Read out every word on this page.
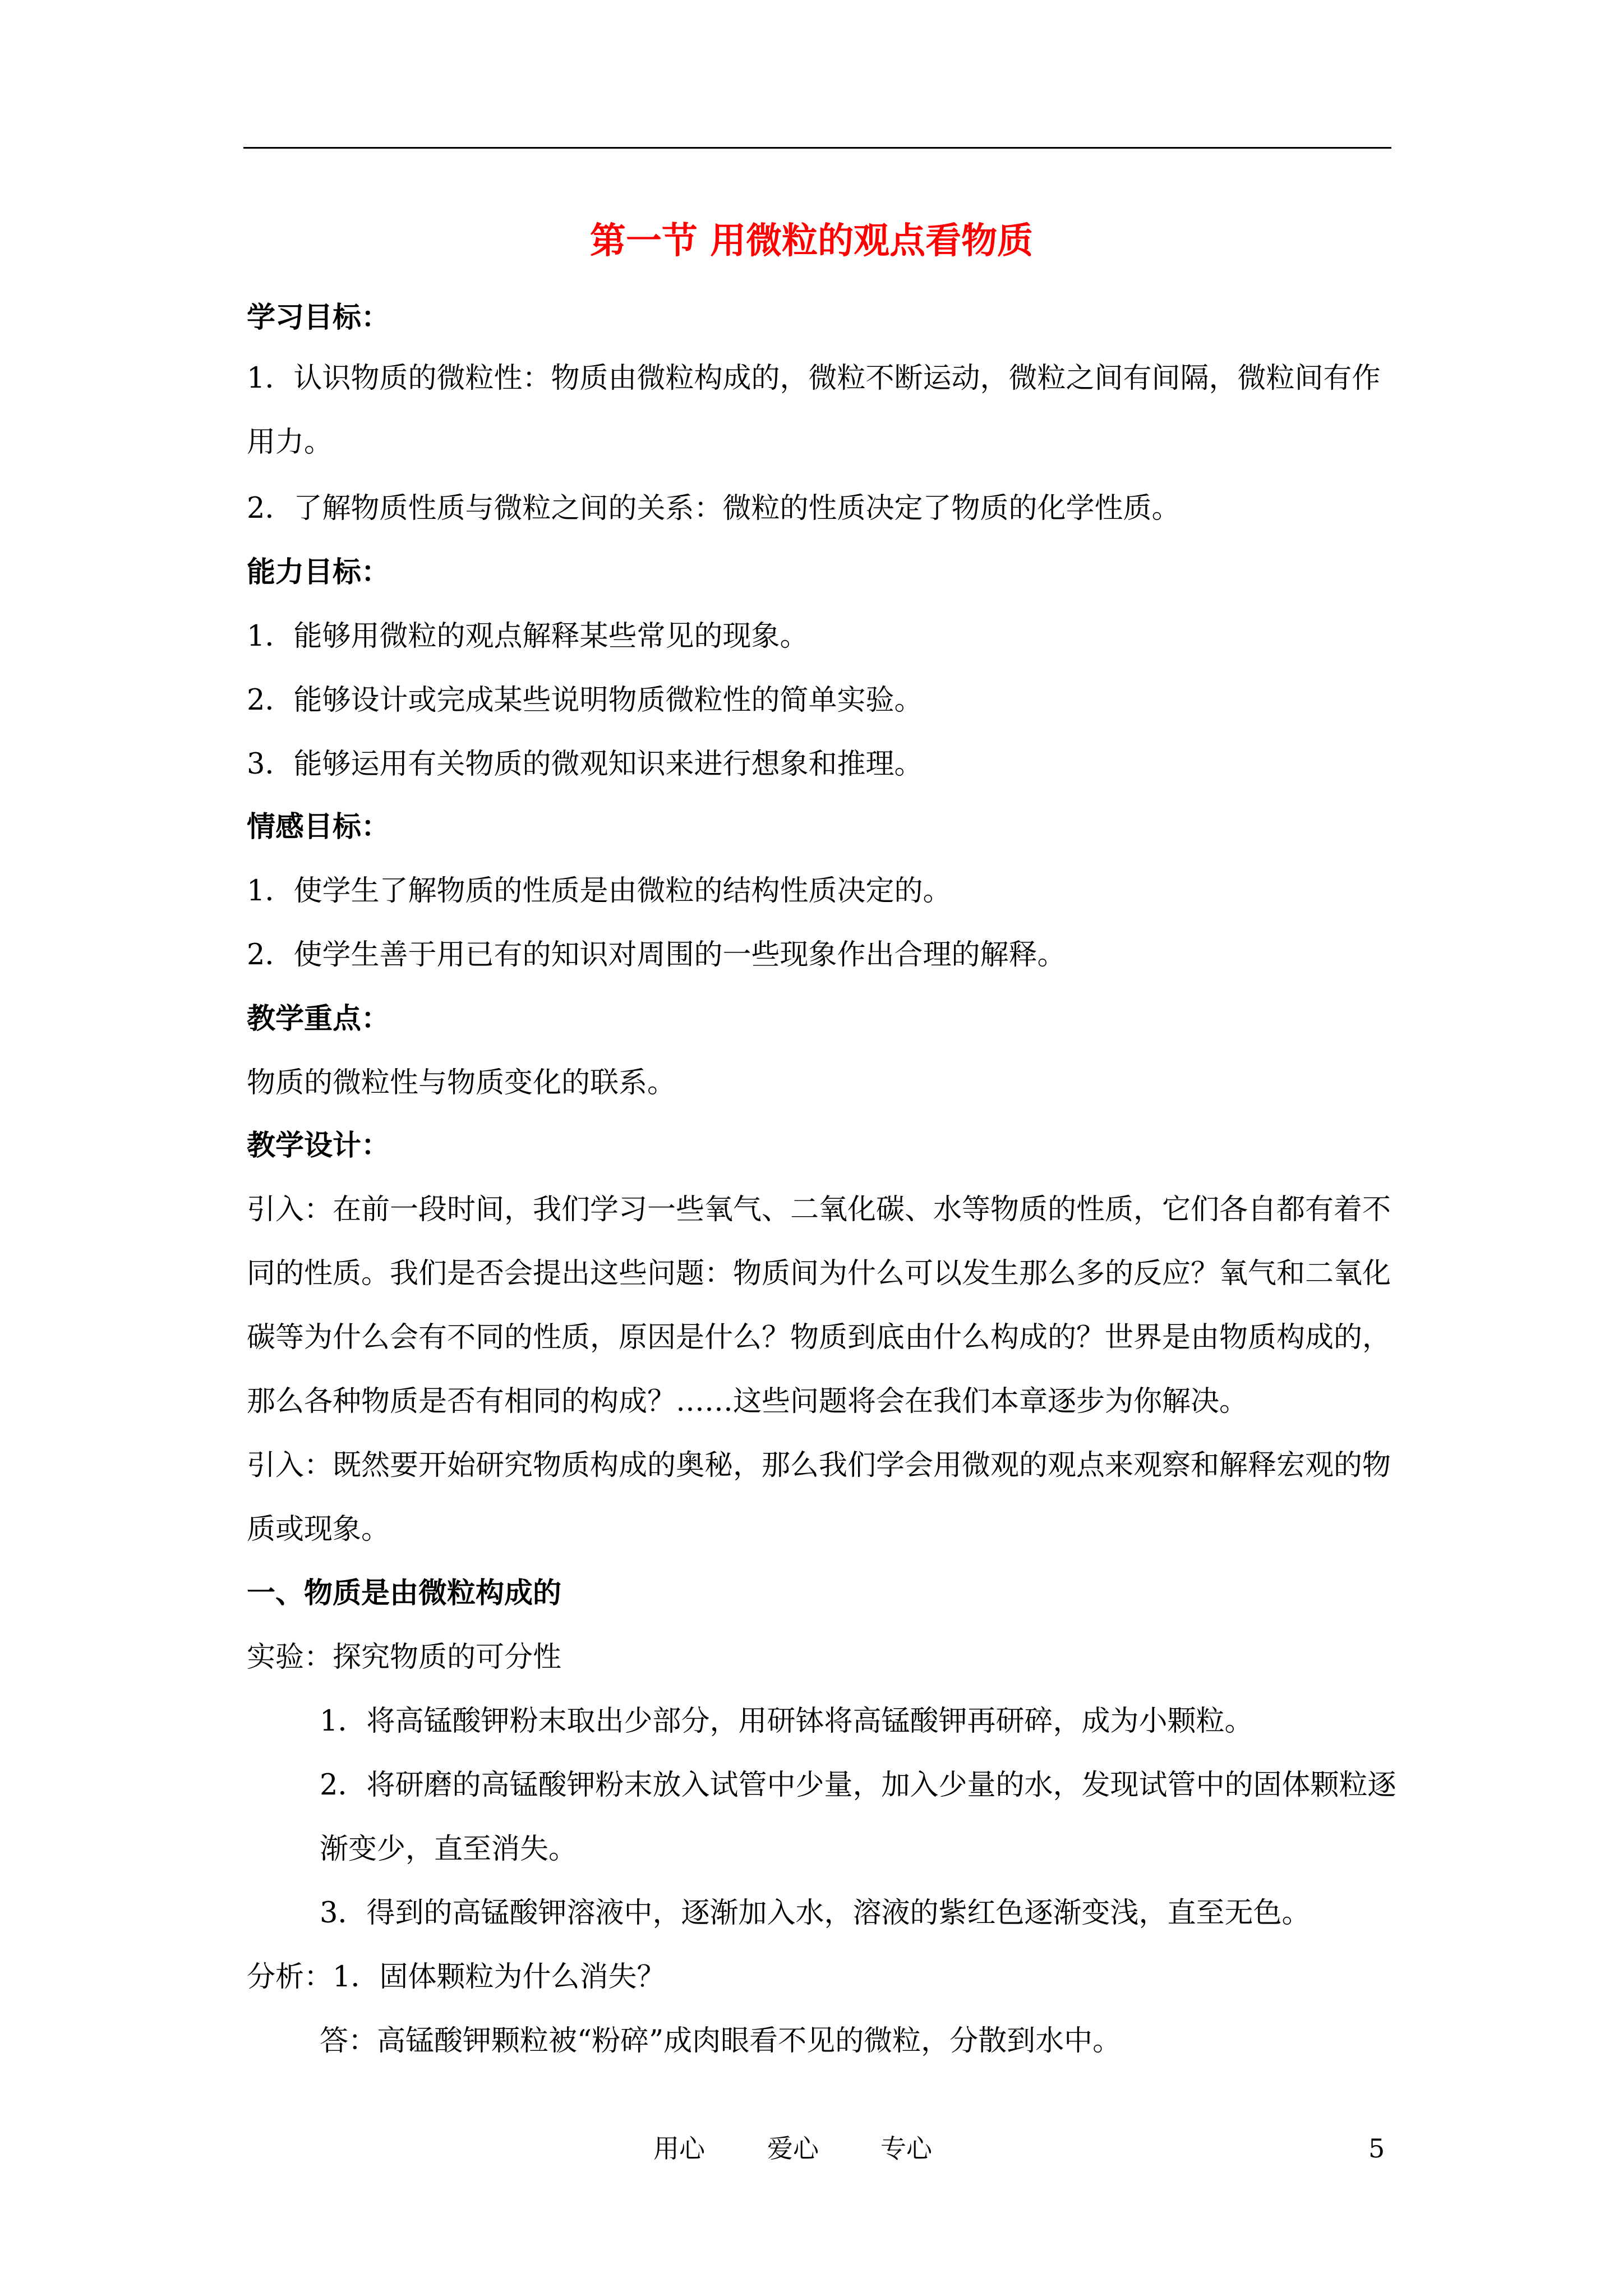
第一节 用微粒的观点看物质
学习目标：
1．认识物质的微粒性：物质由微粒构成的，微粒不断运动，微粒之间有间隔，微粒间有作
用力。
2．了解物质性质与微粒之间的关系：微粒的性质决定了物质的化学性质。
能力目标：
1．能够用微粒的观点解释某些常见的现象。
2．能够设计或完成某些说明物质微粒性的简单实验。
3．能够运用有关物质的微观知识来进行想象和推理。
情感目标：
1．使学生了解物质的性质是由微粒的结构性质决定的。
2．使学生善于用已有的知识对周围的一些现象作出合理的解释。
教学重点：
物质的微粒性与物质变化的联系。
教学设计：
引入：在前一段时间，我们学习一些氧气、二氧化碳、水等物质的性质，它们各自都有着不
同的性质。我们是否会提出这些问题：物质间为什么可以发生那么多的反应？氧气和二氧化
碳等为什么会有不同的性质，原因是什么？物质到底由什么构成的？世界是由物质构成的，
那么各种物质是否有相同的构成？……这些问题将会在我们本章逐步为你解决。
引入：既然要开始研究物质构成的奥秘，那么我们学会用微观的观点来观察和解释宏观的物
质或现象。
一、物质是由微粒构成的
实验：探究物质的可分性
1．将高锰酸钾粉末取出少部分，用研钵将高锰酸钾再研碎，成为小颗粒。
2．将研磨的高锰酸钾粉末放入试管中少量，加入少量的水，发现试管中的固体颗粒逐
渐变少，直至消失。
3．得到的高锰酸钾溶液中，逐渐加入水，溶液的紫红色逐渐变浅，直至无色。
分析：1．固体颗粒为什么消失？
答：高锰酸钾颗粒被“粉碎”成肉眼看不见的微粒，分散到水中。
用心 爱心 专心	5
